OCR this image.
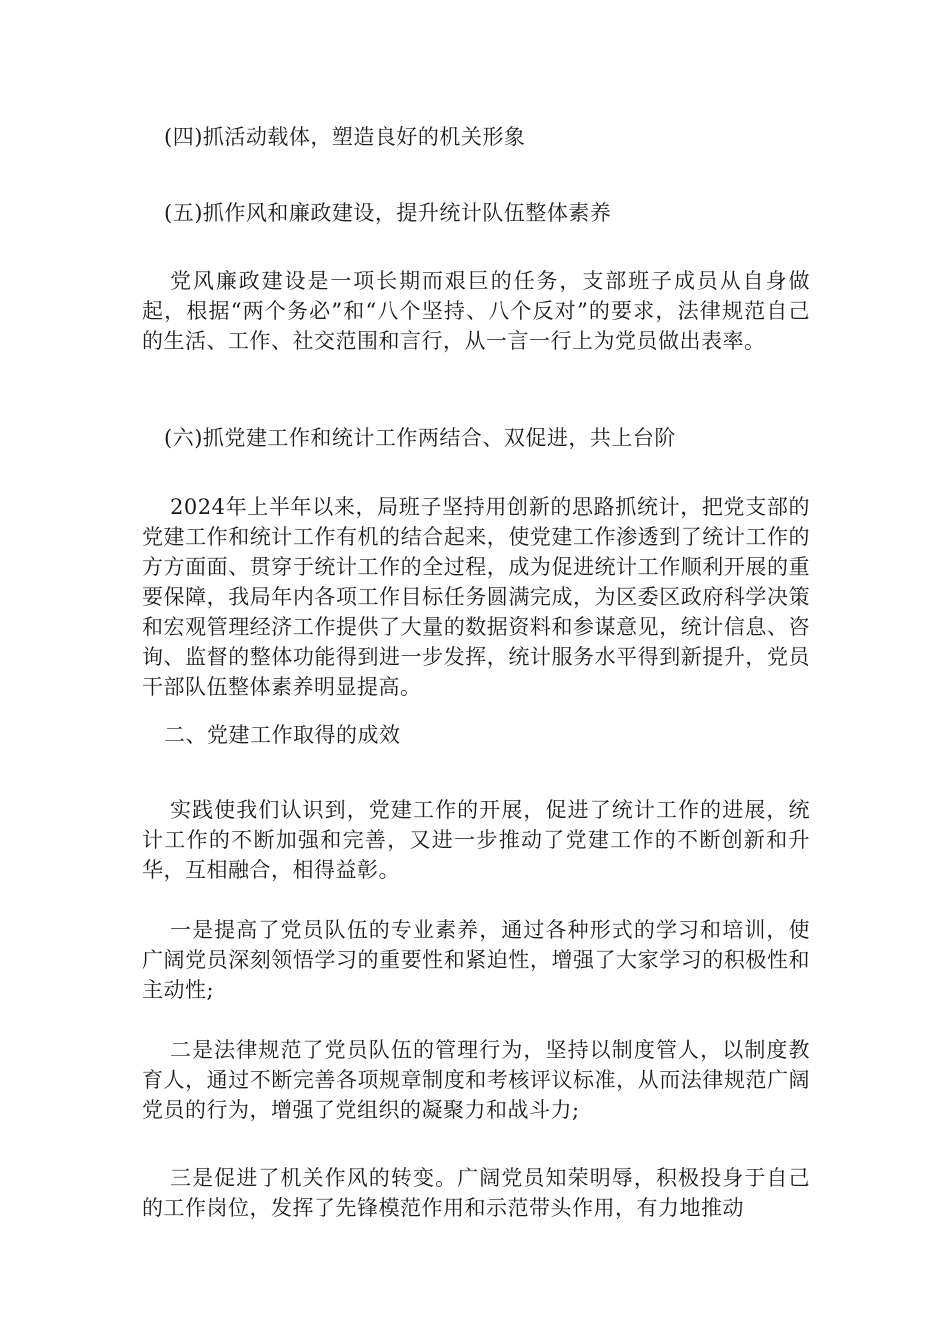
(四)抓活动载体，塑造良好的机关形象

(五)抓作风和廉政建设，提升统计队伍整体素养

党风廉政建设是一项长期而艰巨的任务，支部班子成员从自身做起，根据“两个务必”和“八个坚持、八个反对”的要求，法律规范自己的生活、工作、社交范围和言行，从一言一行上为党员做出表率。

(六)抓党建工作和统计工作两结合、双促进，共上台阶

2024年上半年以来，局班子坚持用创新的思路抓统计，把党支部的党建工作和统计工作有机的结合起来，使党建工作渗透到了统计工作的方方面面、贯穿于统计工作的全过程，成为促进统计工作顺利开展的重要保障，我局年内各项工作目标任务圆满完成，为区委区政府科学决策和宏观管理经济工作提供了大量的数据资料和参谋意见，统计信息、咨询、监督的整体功能得到进一步发挥，统计服务水平得到新提升，党员干部队伍整体素养明显提高。

二、党建工作取得的成效

实践使我们认识到，党建工作的开展，促进了统计工作的进展，统计工作的不断加强和完善，又进一步推动了党建工作的不断创新和升华，互相融合，相得益彰。

一是提高了党员队伍的专业素养，通过各种形式的学习和培训，使广阔党员深刻领悟学习的重要性和紧迫性，增强了大家学习的积极性和主动性;

二是法律规范了党员队伍的管理行为，坚持以制度管人，以制度教育人，通过不断完善各项规章制度和考核评议标准，从而法律规范广阔党员的行为，增强了党组织的凝聚力和战斗力;

三是促进了机关作风的转变。广阔党员知荣明辱，积极投身于自己的工作岗位，发挥了先锋模范作用和示范带头作用，有力地推动
